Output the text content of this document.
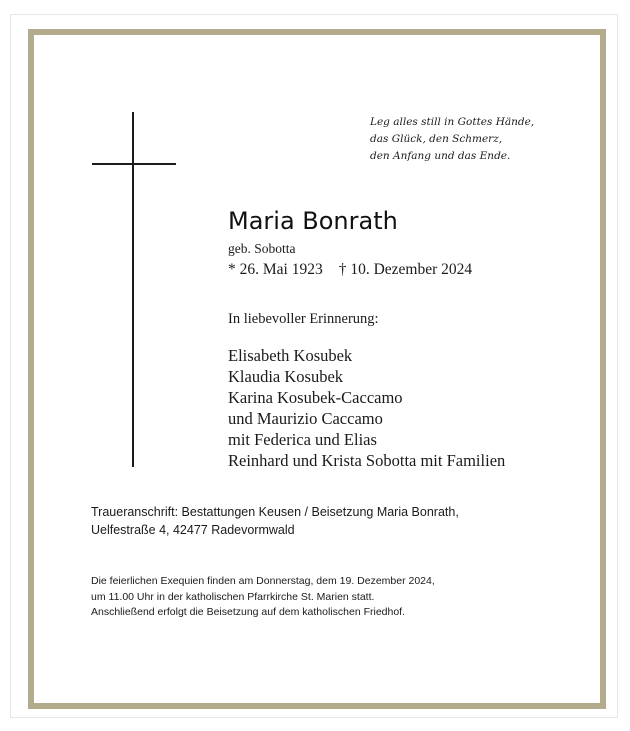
Leg alles still in Gottes Hände,
das Glück, den Schmerz,
den Anfang und das Ende.
Maria Bonrath
geb. Sobotta
* 26. Mai 1923 † 10. Dezember 2024
In liebevoller Erinnerung:
Elisabeth Kosubek
Klaudia Kosubek
Karina Kosubek-Caccamo
und Maurizio Caccamo
mit Federica und Elias
Reinhard und Krista Sobotta mit Familien
Traueranschrift: Bestattungen Keusen / Beisetzung Maria Bonrath,
Uelfestraße 4, 42477 Radevormwald
Die feierlichen Exequien finden am Donnerstag, dem 19. Dezember 2024,
um 11.00 Uhr in der katholischen Pfarrkirche St. Marien statt.
Anschließend erfolgt die Beisetzung auf dem katholischen Friedhof.
